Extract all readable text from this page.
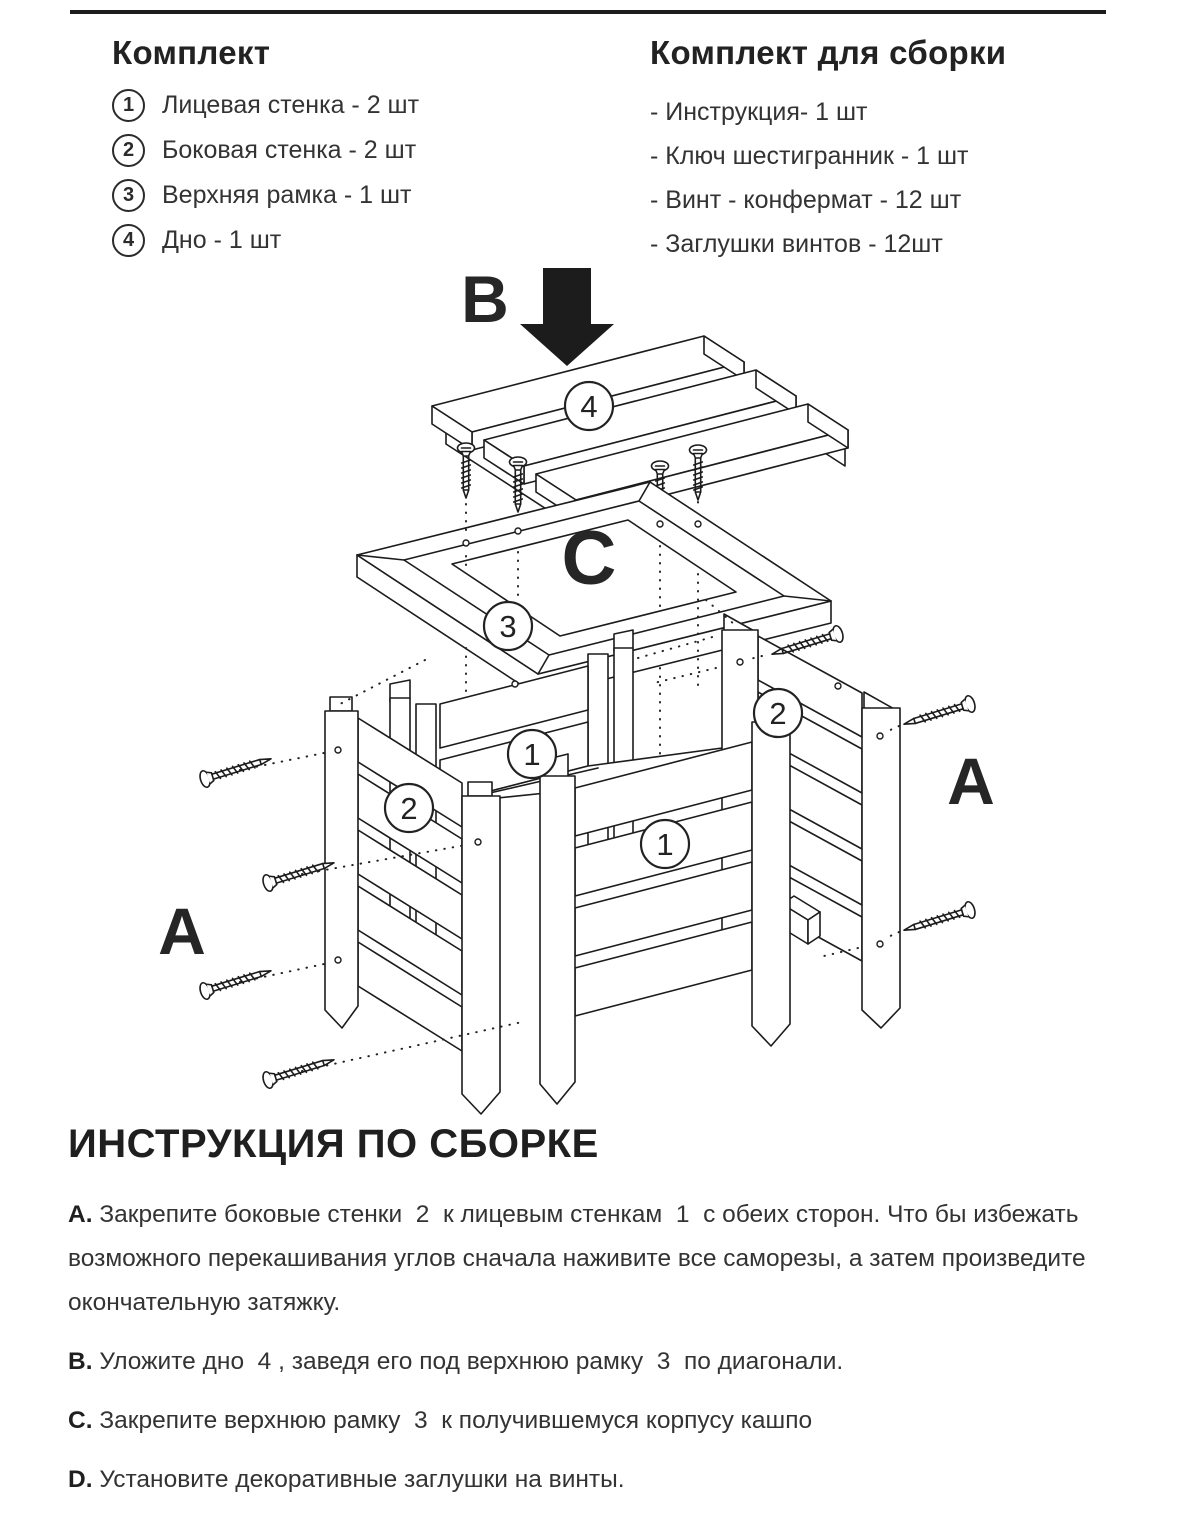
Комплект
1	Лицевая стенка - 2 шт
2	Боковая стенка - 2 шт
3	Верхняя рамка - 1 шт
4	Дно - 1 шт
Комплект для сборки
- Инструкция- 1 шт
- Ключ шестигранник - 1 шт
- Винт - конфермат - 12 шт
- Заглушки винтов - 12шт
B
4
C
3
1
2
2
1
A
A
ИНСТРУКЦИЯ ПО СБОРКЕ
A. Закрепите боковые стенки  2  к лицевым стенкам  1  с обеих сторон. Что бы избежать возможного перекашивания углов сначала наживите все саморезы, а затем произведите окончательную затяжку.
B. Уложите дно  4 , заведя его под верхнюю рамку  3  по диагонали.
C. Закрепите верхнюю рамку  3  к получившемуся корпусу кашпо
D. Установите декоративные заглушки на винты.
